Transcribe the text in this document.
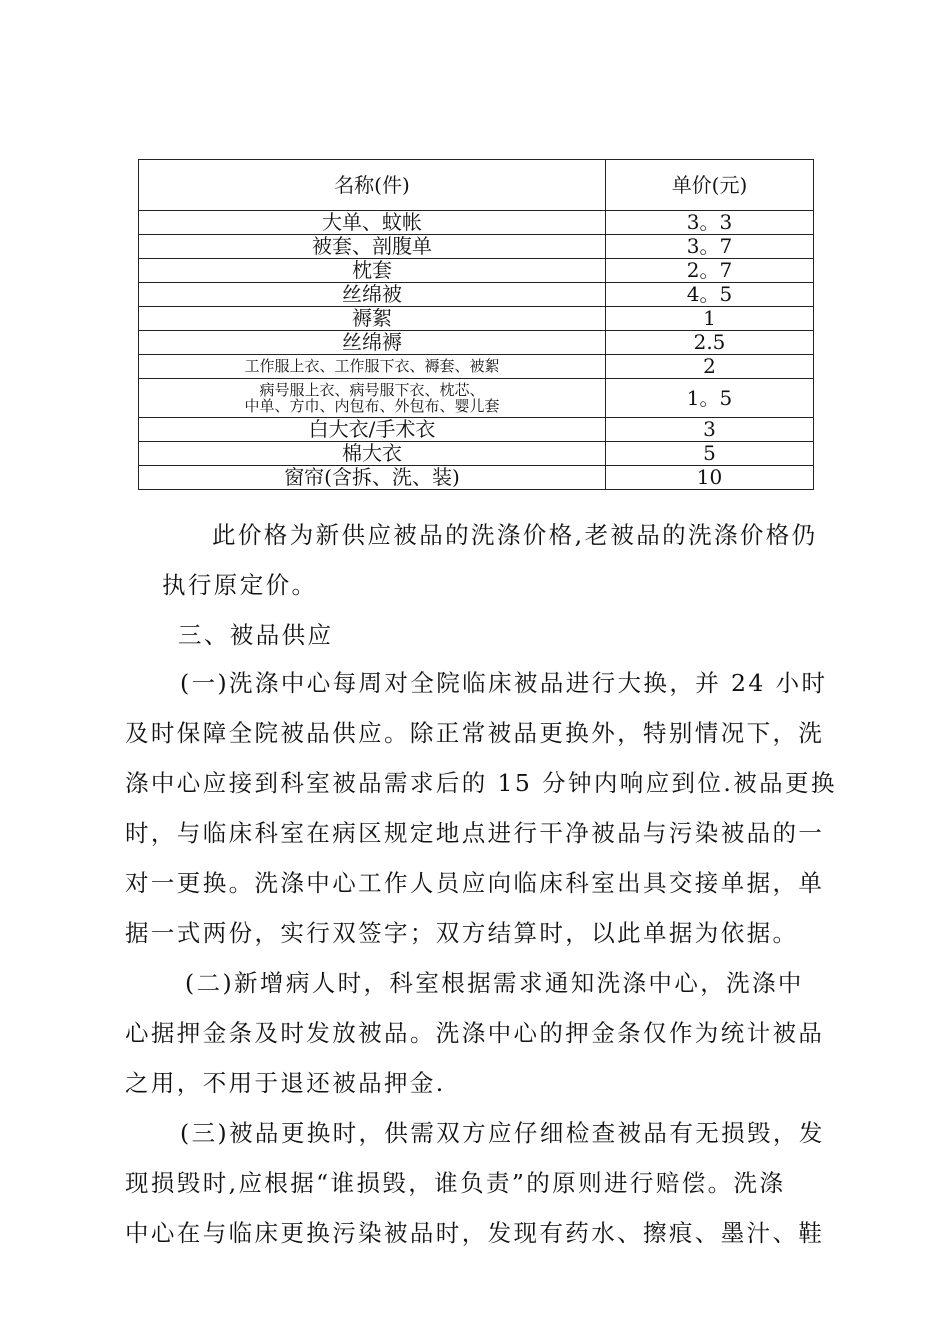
名称(件)	单价(元)
大单、蚊帐	3。3
被套、剖腹单	3。7
枕套	2。7
丝绵被	4。5
褥絮	1
丝绵褥	2.5
工作服上衣、工作服下衣、褥套、被絮	2

病号服上衣、病号服下衣、枕芯、
中单、方巾、内包布、外包布、婴儿套	1。5
白大衣/手术衣	3
棉大衣	5
窗帘(含拆、洗、装)	10
此价格为新供应被品的洗涤价格,老被品的洗涤价格仍
执行原定价。
三、被品供应
(一)洗涤中心每周对全院临床被品进行大换，并 24 小时
及时保障全院被品供应。除正常被品更换外，特别情况下，洗
涤中心应接到科室被品需求后的 15 分钟内响应到位.被品更换
时，与临床科室在病区规定地点进行干净被品与污染被品的一
对一更换。洗涤中心工作人员应向临床科室出具交接单据，单
据一式两份，实行双签字；双方结算时，以此单据为依据。
(二)新增病人时，科室根据需求通知洗涤中心，洗涤中
心据押金条及时发放被品。洗涤中心的押金条仅作为统计被品
之用，不用于退还被品押金.
(三)被品更换时，供需双方应仔细检查被品有无损毁，发
现损毁时,应根据“谁损毁，谁负责”的原则进行赔偿。洗涤
中心在与临床更换污染被品时，发现有药水、擦痕、墨汁、鞋
